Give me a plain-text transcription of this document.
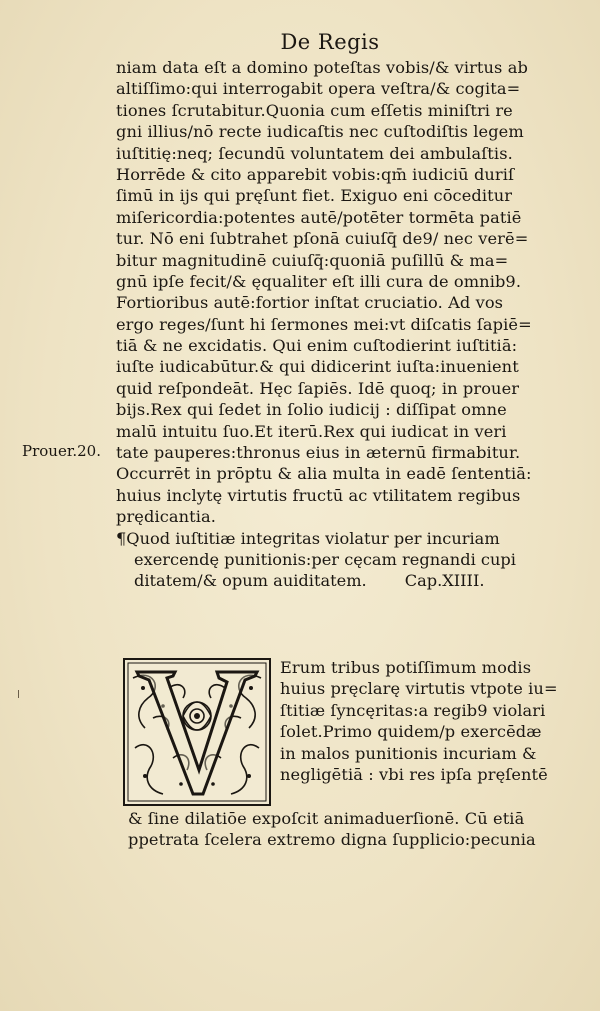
De Regis
Prouer.20.
niam data eſt a domino poteſtas vobis/& virtus ab
altiſſimo:qui interrogabit opera veſtra/& cogita=
tiones ſcrutabitur.Quonia cum eſſetis miniſtri re
gni illius/nō recte iudicaſtis nec cuſtodiſtis legem
iuſtitię:neq; ſecundū voluntatem dei ambulaſtis.
Horrēde & cito apparebit vobis:qm̄ iudiciū duriſ
ſimū in ijs qui pręſunt fiet. Exiguo eni cōceditur
miſericordia:potentes autē/potēter tormēta patiē
tur. Nō eni ſubtrahet pſonā cuiuſq̄ de9/ nec verē=
bitur magnitudinē cuiuſq̄:quoniā puſillū & ma=
gnū ipſe fecit/& ęqualiter eſt illi cura de omnib9.
Fortioribus autē:fortior inſtat cruciatio. Ad vos
ergo reges/ſunt hi ſermones mei:vt diſcatis ſapiē=
tiā & ne excidatis. Qui enim cuſtodierint iuſtitiā:
iuſte iudicabūtur.& qui didicerint iuſta:inuenient
quid reſpondeāt. Hęc ſapiēs. Idē quoq; in prouer
bijs.Rex qui ſedet in ſolio iudicij : diſſipat omne
malū intuitu ſuo.Et iterū.Rex qui iudicat in veri
tate pauperes:thronus eius in æternū firmabitur.
Occurrēt in prōptu & alia multa in eadē ſententiā:
huius inclytę virtutis fructū ac vtilitatem regibus
prędicantia.
¶Quod iuſtitiæ integritas violatur per incuriam
exercendę punitionis:per cęcam regnandi cupi
ditatem/& opum auiditatem. Cap.XIIII.
Erum tribus potiſſimum modis
huius pręclarę virtutis vtpote iu=
ſtitiæ ſyncęritas:a regib9 violari
ſolet.Primo quidem/p exercēdæ
in malos punitionis incuriam &
negligētiā : vbi res ipſa pręſentē
& ſine dilatiōe expoſcit animaduerſionē. Cū etiā
ppetrata ſcelera extremo digna ſupplicio:pecunia
